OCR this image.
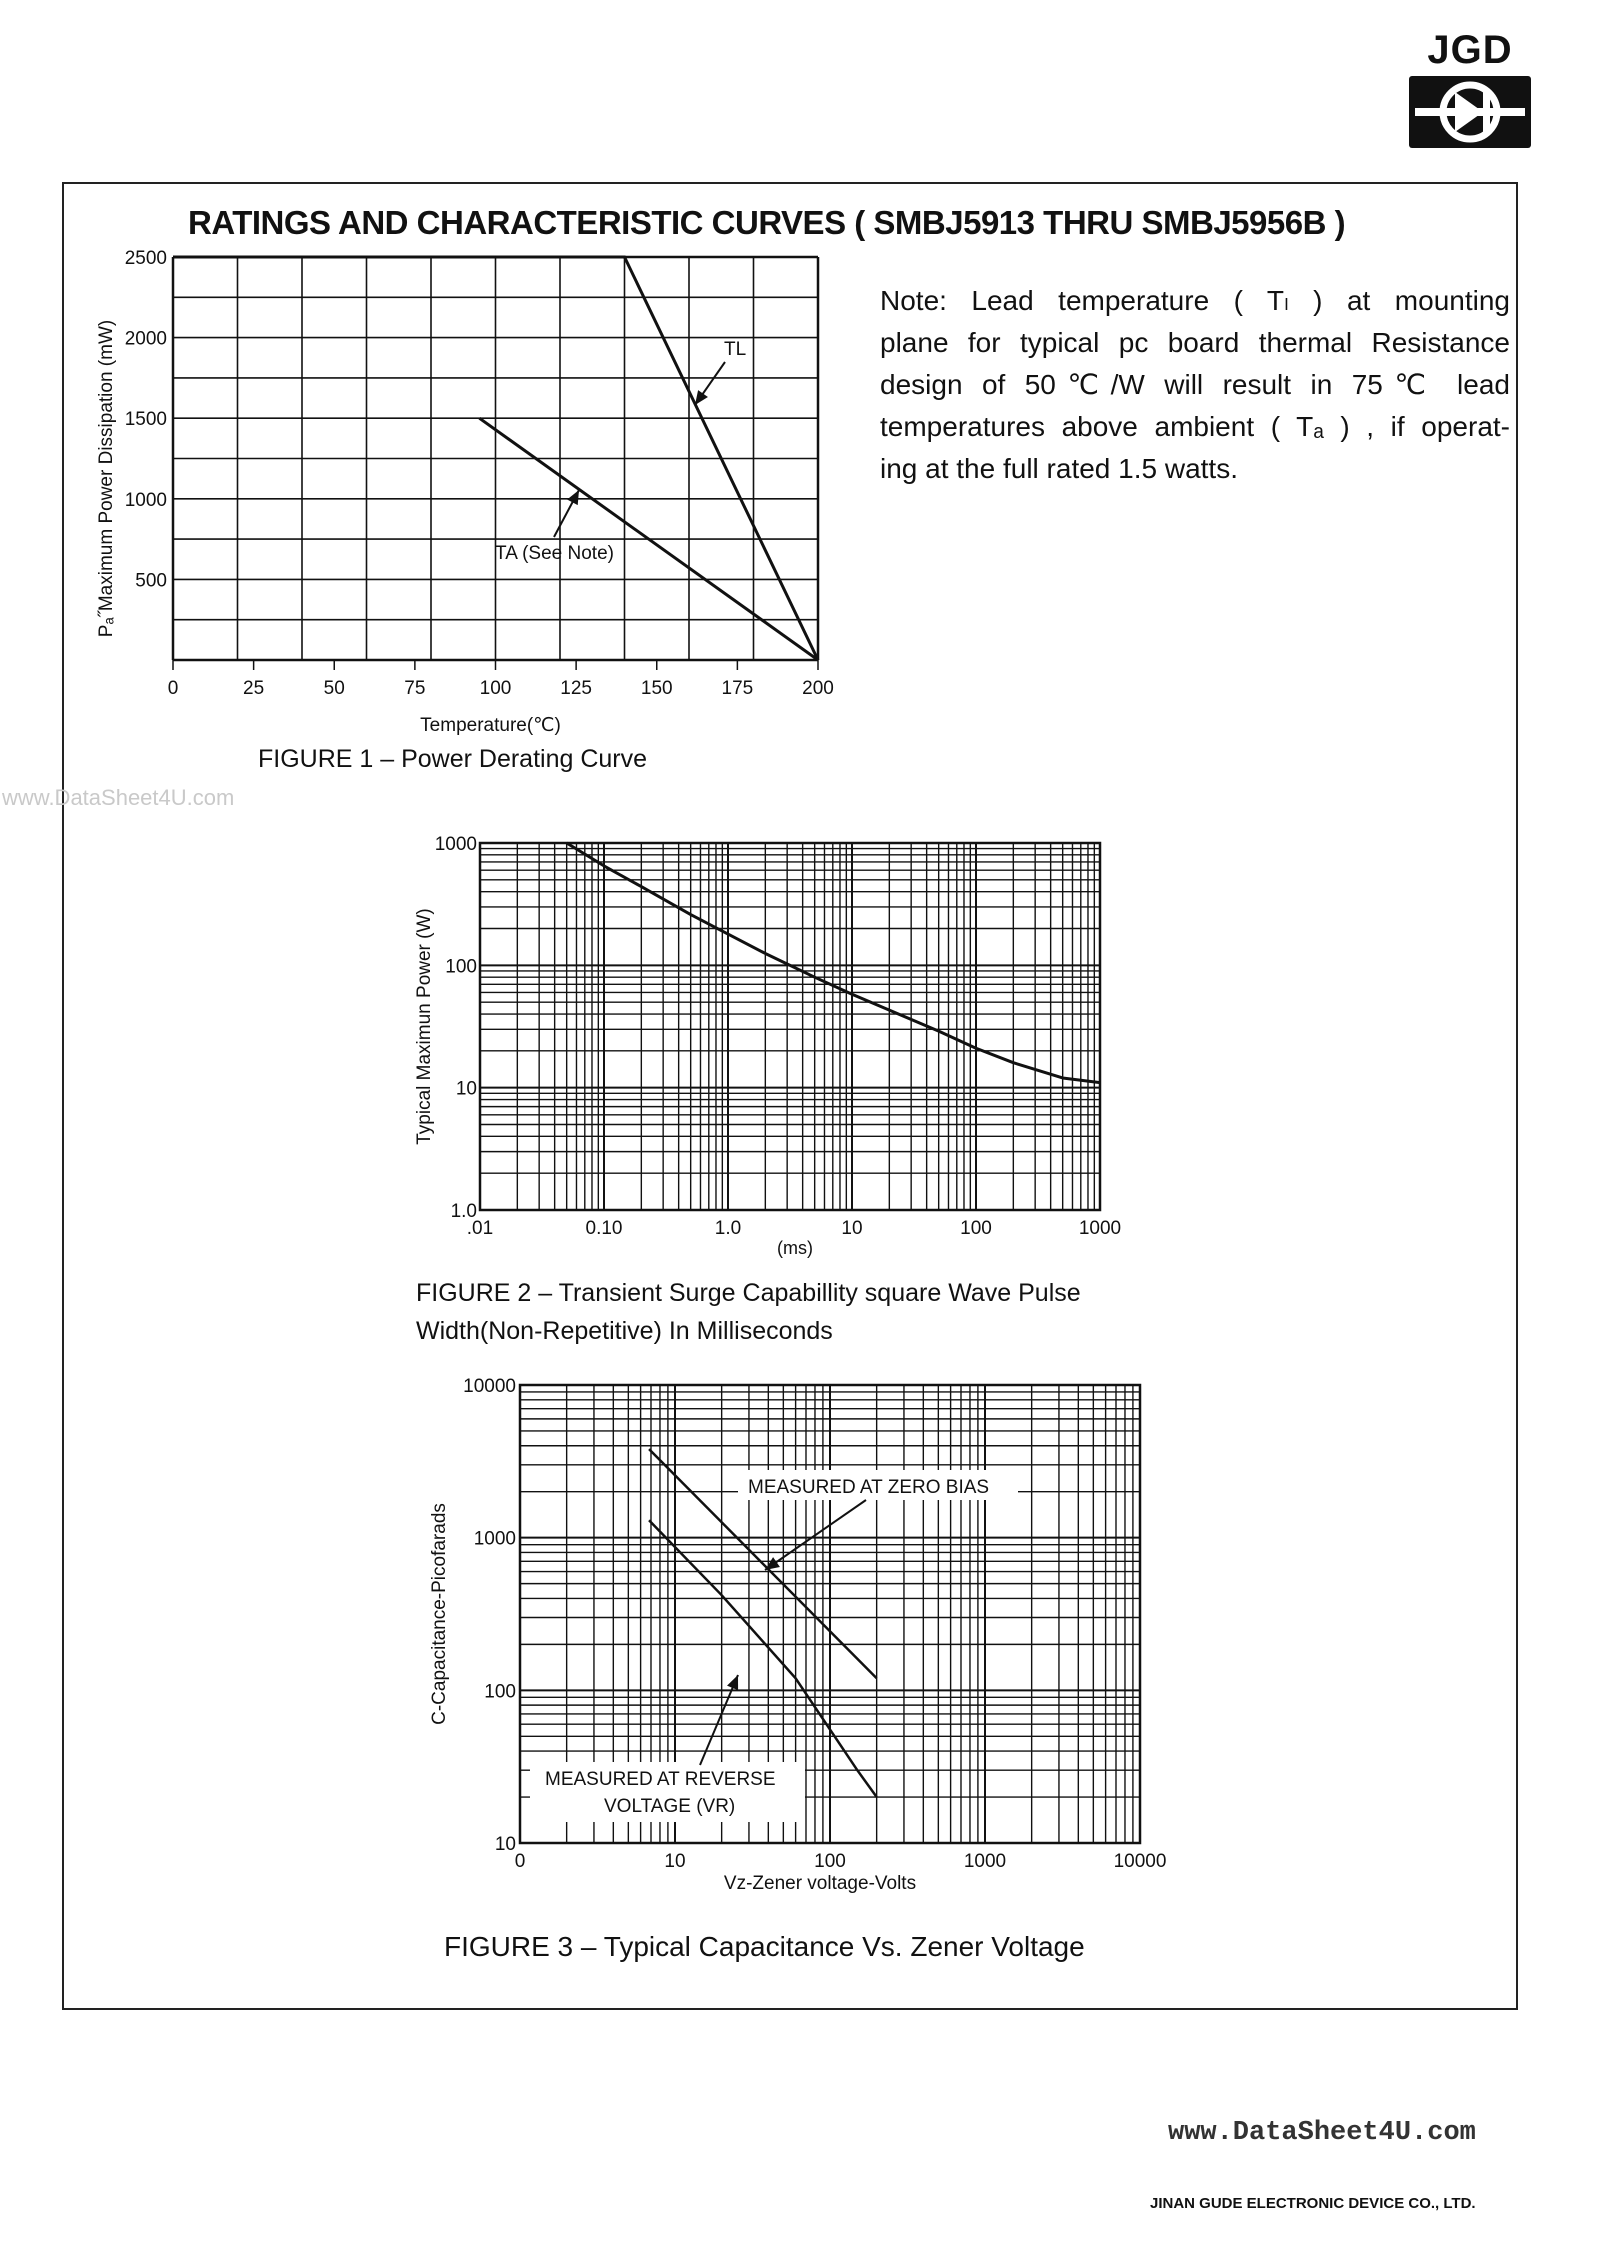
JGD
RATINGS AND CHARACTERISTIC CURVES ( SMBJ5913 THRU SMBJ5956B )
Note: Lead temperature ( Tₗ ) at mounting
plane for typical pc board thermal Resistance
design of 50℃/W will result in 75℃ lead
temperatures above ambient ( Tₐ ) , if operat-
ing at the full rated 1.5 watts.
www.DataSheet4U.com
0	25	50	75	100	125	150	175	200
500
1000
1500
2000
2500
Temperature(℃)
Pₐ˝Maximum Power Dissipation (mW)	TL
TA (See Note)
FIGURE 1 – Power Derating Curve
.01	0.10	1.0	10	100	1000
1.0
10
100
1000
(ms)
Typical Maximun Power (W)
FIGURE 2 – Transient Surge Capabillity square Wave Pulse
Width(Non-Repetitive) In Milliseconds
0	10	100	1000	10000
10
100
1000
10000
Vz-Zener voltage-Volts
C-Capacitance-Picofarads
MEASURED AT ZERO BIAS
MEASURED AT REVERSE
VOLTAGE (VR)
FIGURE 3 – Typical Capacitance Vs. Zener Voltage
www.DataSheet4U.com
JINAN GUDE ELECTRONIC DEVICE CO., LTD.
